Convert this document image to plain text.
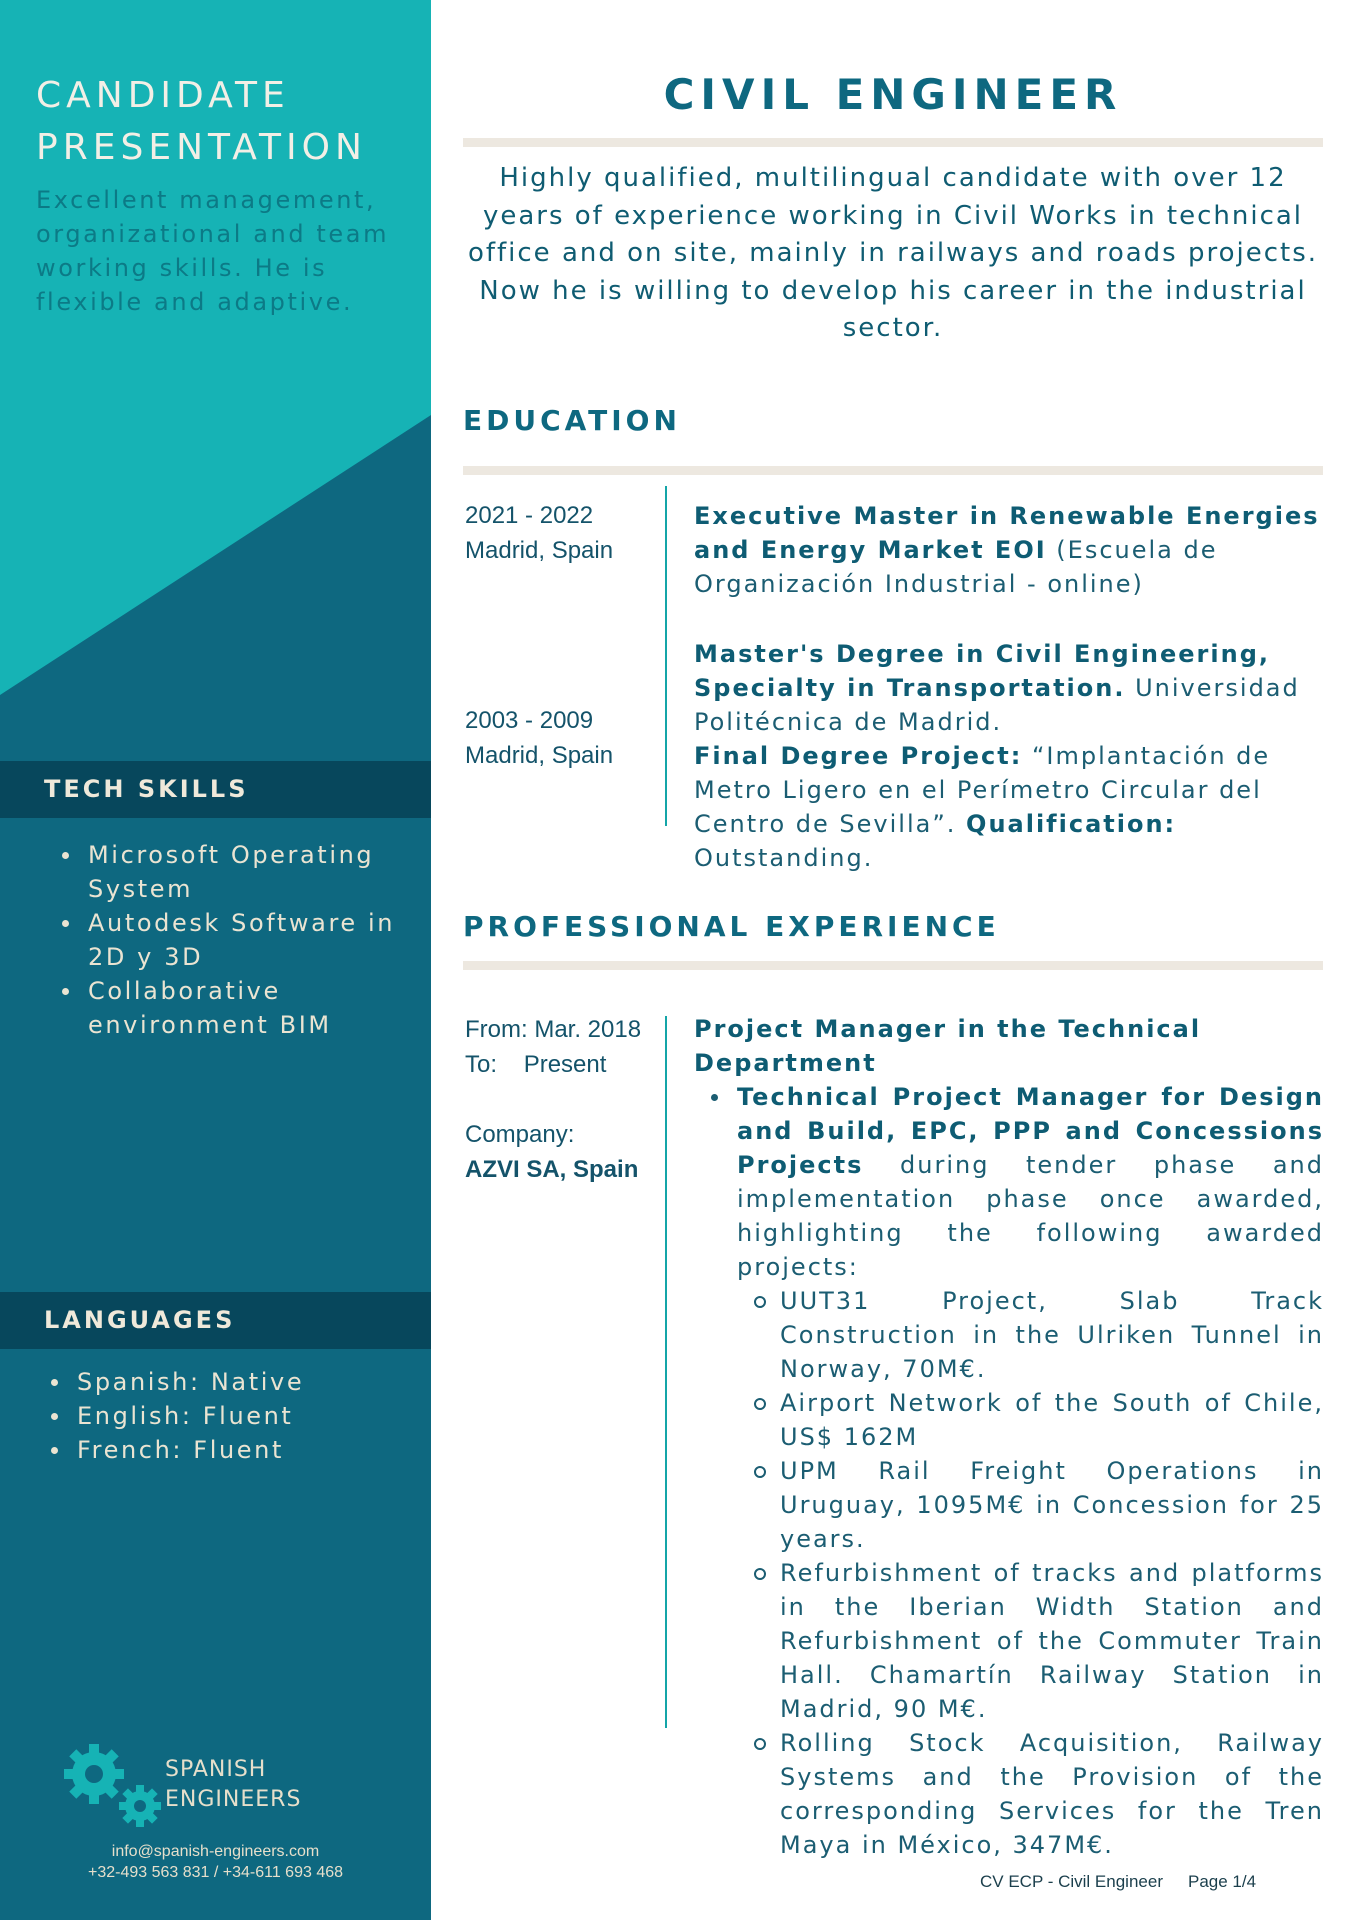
CANDIDATE
PRESENTATION

Excellent management, organizational and team working skills. He is flexible and adaptive.

TECH SKILLS
Microsoft Operating System
Autodesk Software in 2D y 3D
Collaborative environment BIM
LANGUAGES
Spanish: Native
English: Fluent
French: Fluent
SPANISH
ENGINEERS
info@spanish-engineers.com
+32-493 563 831 / +34-611 693 468
CIVIL ENGINEER

Highly qualified, multilingual candidate with over 12 years of experience working in Civil Works in technical office and on site, mainly in railways and roads projects. Now he is willing to develop his career in the industrial sector.

EDUCATION
2021 - 2022
Madrid, Spain
Executive Master in Renewable Energies and Energy Market EOI (Escuela de Organización Industrial - online)
2003 - 2009
Madrid, Spain
Master's Degree in Civil Engineering, Specialty in Transportation. Universidad Politécnica de Madrid.
Final Degree Project: “Implantación de Metro Ligero en el Perímetro Circular del Centro de Sevilla”. Qualification: Outstanding.
PROFESSIONAL EXPERIENCE
From: Mar. 2018
To: Present
Company:
AZVI SA, Spain
Project Manager in the Technical Department
Technical Project Manager for Design and Build, EPC, PPP and Concessions Projects during tender phase and implementation phase once awarded, highlighting the following awarded projects:
UUT31 Project, Slab Track Construction in the Ulriken Tunnel in Norway, 70M€.
Airport Network of the South of Chile, US$ 162M
UPM Rail Freight Operations in Uruguay, 1095M€ in Concession for 25 years.
Refurbishment of tracks and platforms in the Iberian Width Station and Refurbishment of the Commuter Train Hall. Chamartín Railway Station in Madrid, 90 M€.
Rolling Stock Acquisition, Railway Systems and the Provision of the corresponding Services for the Tren Maya in México, 347M€.
CV ECP - Civil Engineer Page 1/4
